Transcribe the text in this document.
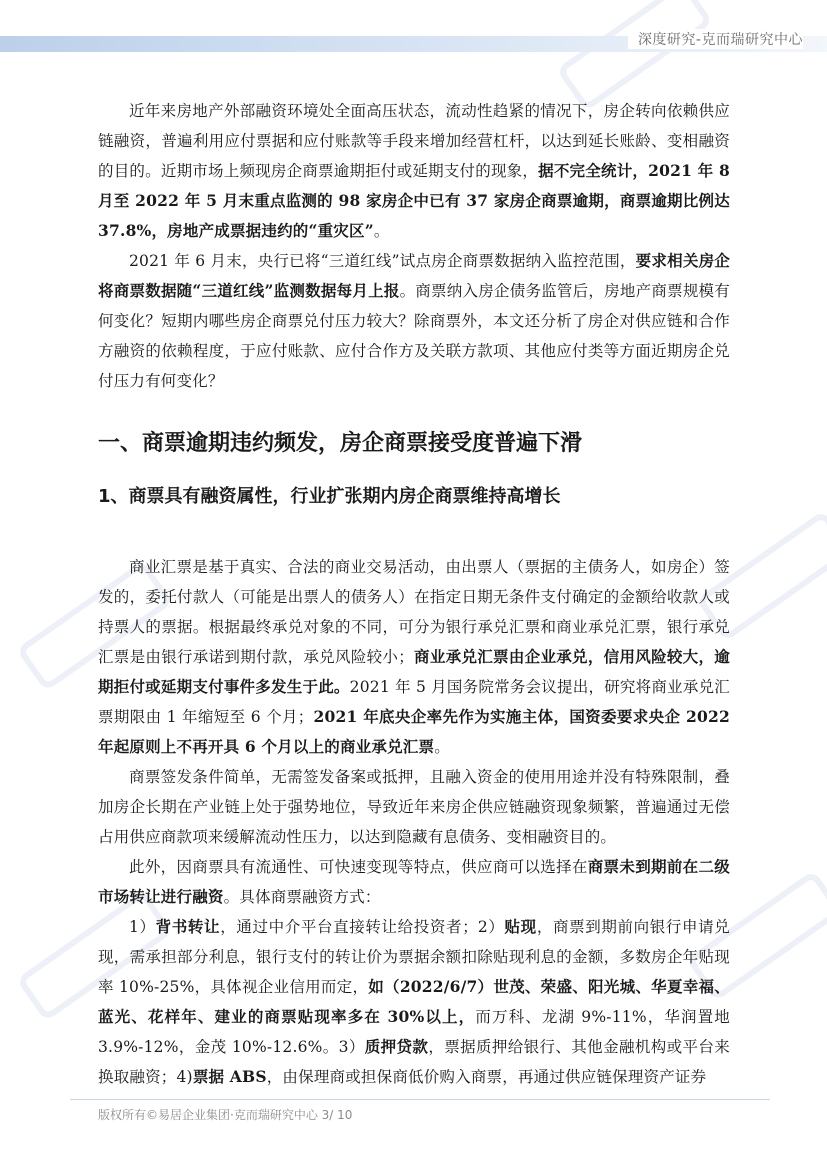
深度研究-克而瑞研究中心

近年来房地产外部融资环境处全面高压状态，流动性趋紧的情况下，房企转向依赖供应链融资，普遍利用应付票据和应付账款等手段来增加经营杠杆，以达到延长账龄、变相融资的目的。近期市场上频现房企商票逾期拒付或延期支付的现象，据不完全统计，2021 年 8 月至 2022 年 5 月末重点监测的 98 家房企中已有 37 家房企商票逾期，商票逾期比例达 37.8%，房地产成票据违约的“重灾区”。

2021 年 6 月末，央行已将“三道红线”试点房企商票数据纳入监控范围，要求相关房企将商票数据随“三道红线”监测数据每月上报。商票纳入房企债务监管后，房地产商票规模有何变化？短期内哪些房企商票兑付压力较大？除商票外，本文还分析了房企对供应链和合作方融资的依赖程度，于应付账款、应付合作方及关联方款项、其他应付类等方面近期房企兑付压力有何变化？

一、商票逾期违约频发，房企商票接受度普遍下滑
1、商票具有融资属性，行业扩张期内房企商票维持高增长

商业汇票是基于真实、合法的商业交易活动，由出票人（票据的主债务人，如房企）签发的，委托付款人（可能是出票人的债务人）在指定日期无条件支付确定的金额给收款人或持票人的票据。根据最终承兑对象的不同，可分为银行承兑汇票和商业承兑汇票，银行承兑汇票是由银行承诺到期付款，承兑风险较小；商业承兑汇票由企业承兑，信用风险较大，逾期拒付或延期支付事件多发生于此。2021 年 5 月国务院常务会议提出，研究将商业承兑汇票期限由 1 年缩短至 6 个月；2021 年底央企率先作为实施主体，国资委要求央企 2022 年起原则上不再开具 6 个月以上的商业承兑汇票。

商票签发条件简单，无需签发备案或抵押，且融入资金的使用用途并没有特殊限制，叠加房企长期在产业链上处于强势地位，导致近年来房企供应链融资现象频繁，普遍通过无偿占用供应商款项来缓解流动性压力，以达到隐藏有息债务、变相融资目的。

此外，因商票具有流通性、可快速变现等特点，供应商可以选择在商票未到期前在二级市场转让进行融资。具体商票融资方式：

1）背书转让，通过中介平台直接转让给投资者；2）贴现，商票到期前向银行申请兑现，需承担部分利息，银行支付的转让价为票据余额扣除贴现利息的金额，多数房企年贴现率 10%-25%，具体视企业信用而定，如（2022/6/7）世茂、荣盛、阳光城、华夏幸福、蓝光、花样年、建业的商票贴现率多在 30%以上，而万科、龙湖 9%-11%，华润置地 3.9%-12%，金茂 10%-12.6%。3）质押贷款，票据质押给银行、其他金融机构或平台来换取融资；4)票据 ABS，由保理商或担保商低价购入商票，再通过供应链保理资产证券

版权所有©易居企业集团·克而瑞研究中心 3/ 10
